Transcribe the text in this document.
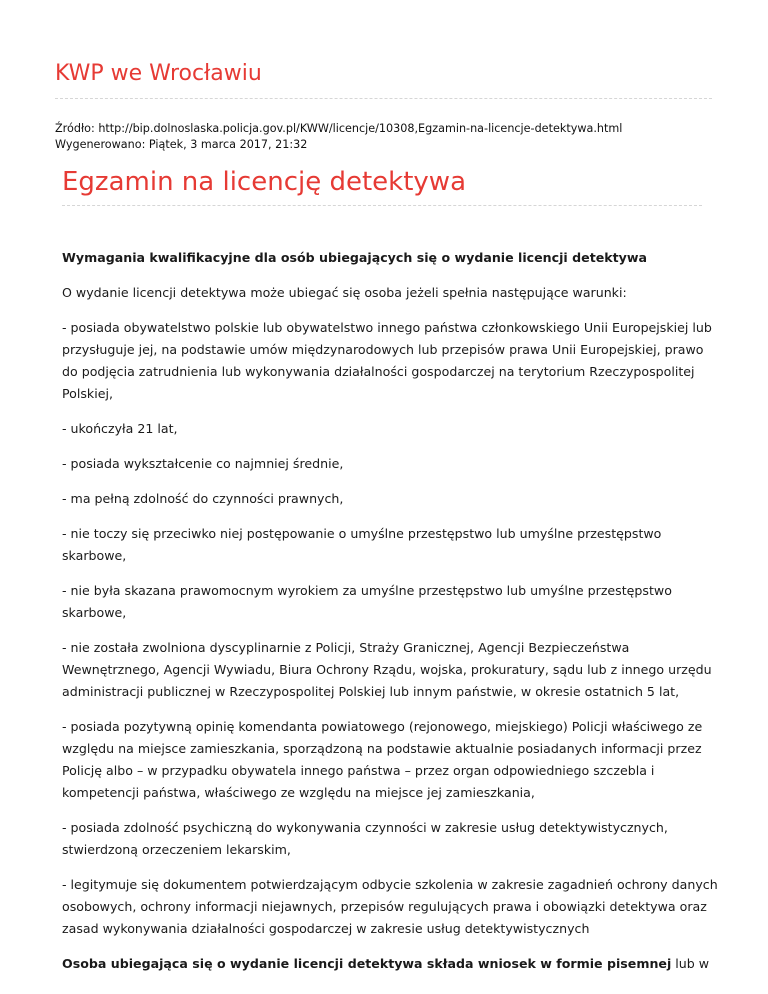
KWP we Wrocławiu
Źródło: http://bip.dolnoslaska.policja.gov.pl/KWW/licencje/10308,Egzamin-na-licencje-detektywa.html
Wygenerowano: Piątek, 3 marca 2017, 21:32
Egzamin na licencję detektywa

Wymagania kwalifikacyjne dla osób ubiegających się o wydanie licencji detektywa

O wydanie licencji detektywa może ubiegać się osoba jeżeli spełnia następujące warunki:

- posiada obywatelstwo polskie lub obywatelstwo innego państwa członkowskiego Unii Europejskiej lub przysługuje jej, na podstawie umów międzynarodowych lub przepisów prawa Unii Europejskiej, prawo do podjęcia zatrudnienia lub wykonywania działalności gospodarczej na terytorium Rzeczypospolitej Polskiej,

- ukończyła 21 lat,

- posiada wykształcenie co najmniej średnie,

- ma pełną zdolność do czynności prawnych,

- nie toczy się przeciwko niej postępowanie o umyślne przestępstwo lub umyślne przestępstwo skarbowe,

- nie była skazana prawomocnym wyrokiem za umyślne przestępstwo lub umyślne przestępstwo skarbowe,

- nie została zwolniona dyscyplinarnie z Policji, Straży Granicznej, Agencji Bezpieczeństwa Wewnętrznego, Agencji Wywiadu, Biura Ochrony Rządu, wojska, prokuratury, sądu lub z innego urzędu administracji publicznej w Rzeczypospolitej Polskiej lub innym państwie, w okresie ostatnich 5 lat,

- posiada pozytywną opinię komendanta powiatowego (rejonowego, miejskiego) Policji właściwego ze względu na miejsce zamieszkania, sporządzoną na podstawie aktualnie posiadanych informacji przez Policję albo – w przypadku obywatela innego państwa – przez organ odpowiedniego szczebla i kompetencji państwa, właściwego ze względu na miejsce jej zamieszkania,

- posiada zdolność psychiczną do wykonywania czynności w zakresie usług detektywistycznych, stwierdzoną orzeczeniem lekarskim,

- legitymuje się dokumentem potwierdzającym odbycie szkolenia w zakresie zagadnień ochrony danych osobowych, ochrony informacji niejawnych, przepisów regulujących prawa i obowiązki detektywa oraz zasad wykonywania działalności gospodarczej w zakresie usług detektywistycznych

Osoba ubiegająca się o wydanie licencji detektywa składa wniosek w formie pisemnej lub w
